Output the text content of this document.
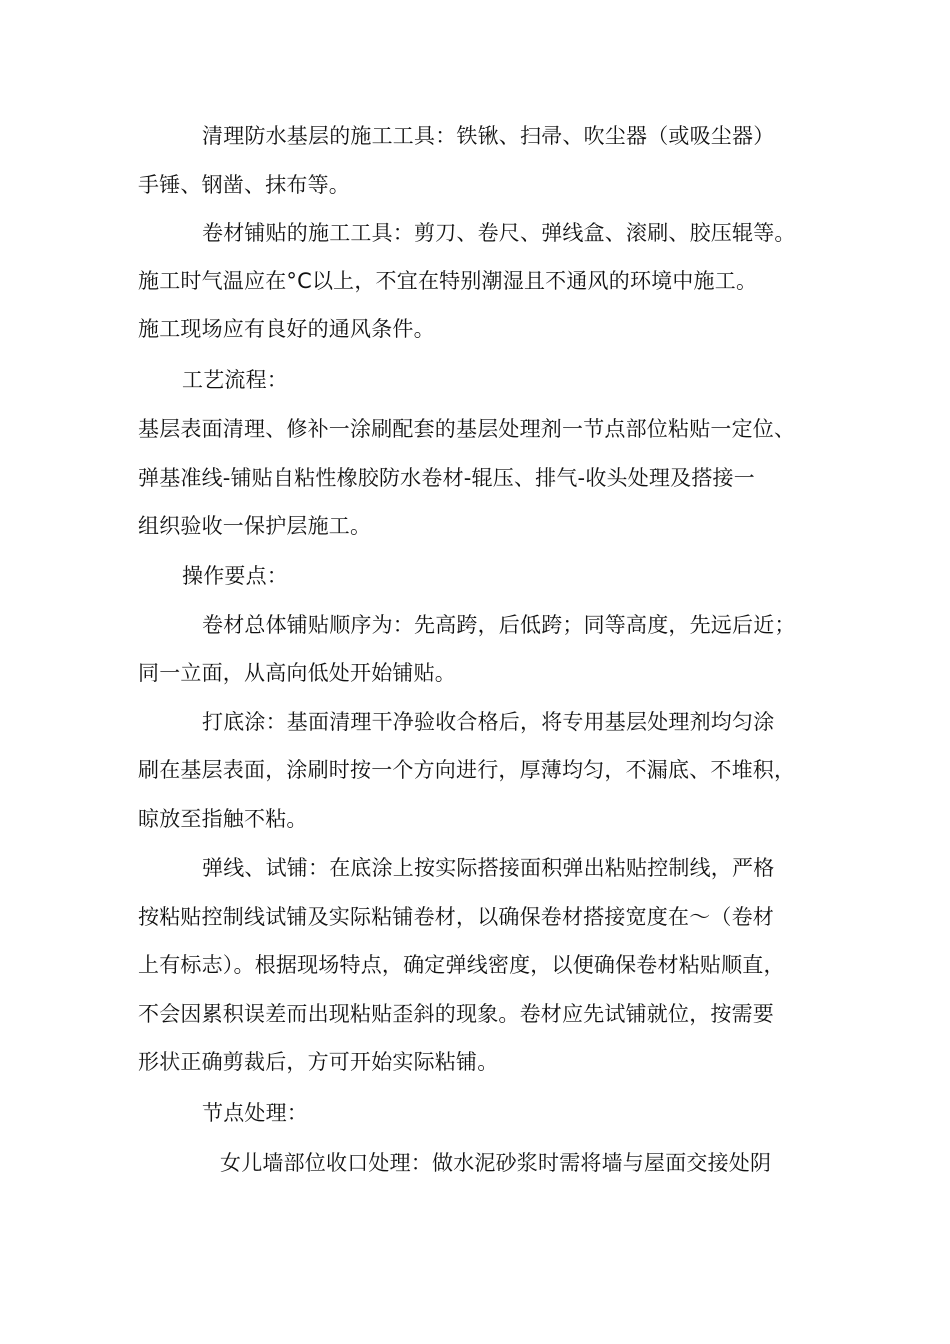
清理防水基层的施工工具：铁锹、扫帚、吹尘器（或吸尘器）
手锤、钢凿、抹布等。
卷材铺贴的施工工具：剪刀、卷尺、弹线盒、滚刷、胶压辊等。
施工时气温应在°C以上，不宜在特别潮湿且不通风的环境中施工。
施工现场应有良好的通风条件。
工艺流程：
基层表面清理、修补一涂刷配套的基层处理剂一节点部位粘贴一定位、
弹基准线-铺贴自粘性橡胶防水卷材-辊压、排气-收头处理及搭接一
组织验收一保护层施工。
操作要点：
卷材总体铺贴顺序为：先高跨，后低跨；同等高度，先远后近；
同一立面，从高向低处开始铺贴。
打底涂：基面清理干净验收合格后，将专用基层处理剂均匀涂
刷在基层表面，涂刷时按一个方向进行，厚薄均匀，不漏底、不堆积，
晾放至指触不粘。
弹线、试铺：在底涂上按实际搭接面积弹出粘贴控制线，严格
按粘贴控制线试铺及实际粘铺卷材，以确保卷材搭接宽度在〜（卷材
上有标志）。根据现场特点，确定弹线密度，以便确保卷材粘贴顺直，
不会因累积误差而出现粘贴歪斜的现象。卷材应先试铺就位，按需要
形状正确剪裁后，方可开始实际粘铺。
节点处理：
女儿墙部位收口处理：做水泥砂浆时需将墙与屋面交接处阴
